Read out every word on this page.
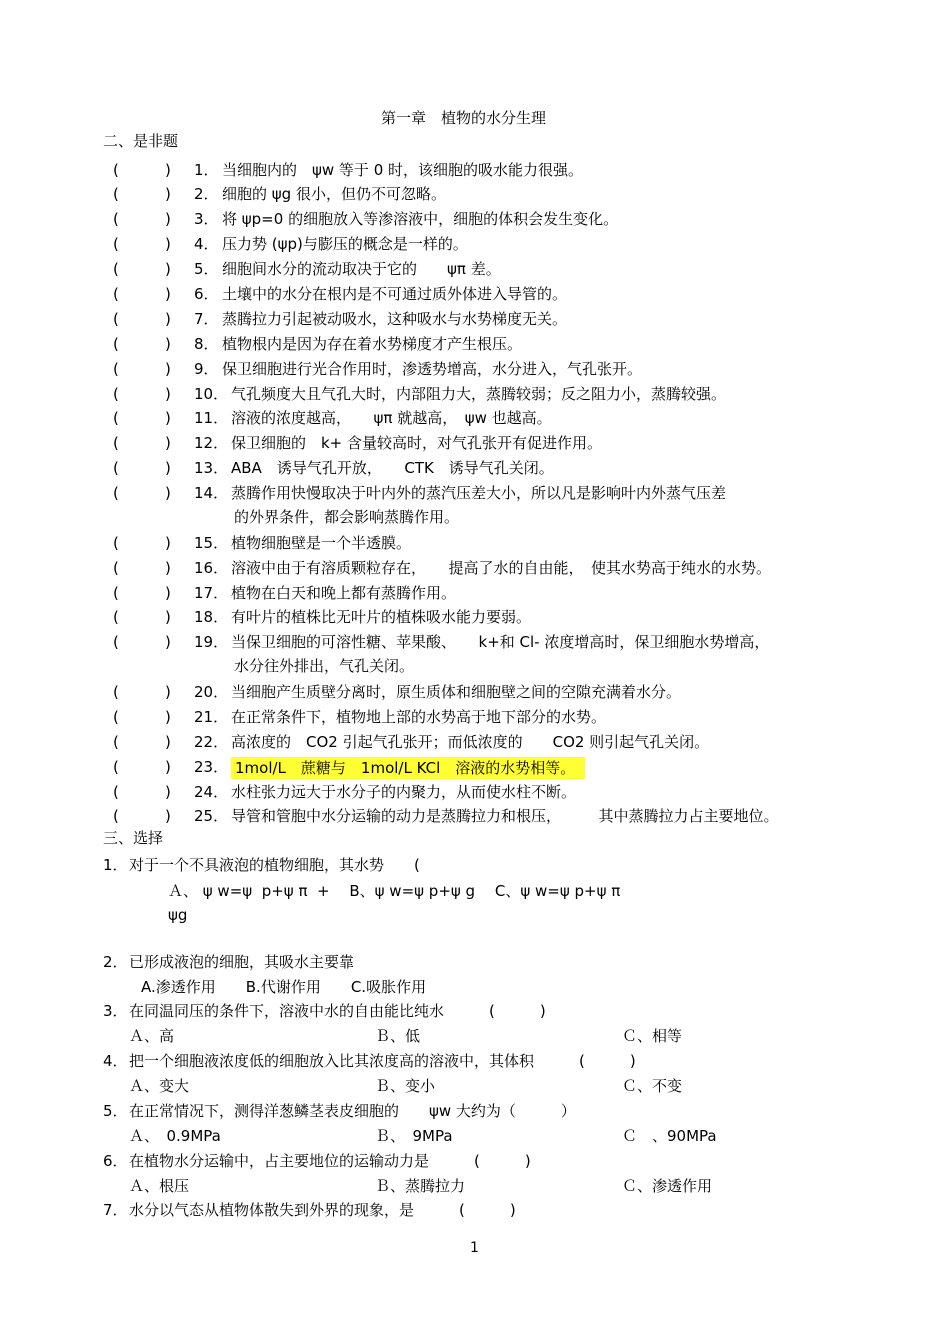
第一章　植物的水分生理
二、是非题
(	) 1． 当细胞内的　ψw 等于 0 时，该细胞的吸水能力很强。
(	) 2． 细胞的 ψg 很小，但仍不可忽略。
(	) 3． 将 ψp=0 的细胞放入等渗溶液中，细胞的体积会发生变化。
(	) 4． 压力势 (ψp)与膨压的概念是一样的。
(	) 5． 细胞间水分的流动取决于它的　　ψπ 差。
(	) 6． 土壤中的水分在根内是不可通过质外体进入导管的。
(	) 7． 蒸腾拉力引起被动吸水，这种吸水与水势梯度无关。
(	) 8． 植物根内是因为存在着水势梯度才产生根压。
(	) 9． 保卫细胞进行光合作用时，渗透势增高，水分进入，气孔张开。
(	) 10． 气孔频度大且气孔大时，内部阻力大，蒸腾较弱；反之阻力小，蒸腾较强。
(	) 11． 溶液的浓度越高，　　ψπ 就越高，　ψw 也越高。
(	) 12． 保卫细胞的　k+ 含量较高时，对气孔张开有促进作用。
(	) 13． ABA　诱导气孔开放，　　CTK　诱导气孔关闭。
(	) 14． 蒸腾作用快慢取决于叶内外的蒸汽压差大小，所以凡是影响叶内外蒸气压差
的外界条件，都会影响蒸腾作用。
(	) 15． 植物细胞壁是一个半透膜。
(	) 16． 溶液中由于有溶质颗粒存在，　　提高了水的自由能，　使其水势高于纯水的水势。
(	) 17． 植物在白天和晚上都有蒸腾作用。
(	) 18． 有叶片的植株比无叶片的植株吸水能力要弱。
(	) 19． 当保卫细胞的可溶性糖、苹果酸、　　k+和 Cl- 浓度增高时，保卫细胞水势增高，
水分往外排出，气孔关闭。
(	) 20． 当细胞产生质壁分离时，原生质体和细胞壁之间的空隙充满着水分。
(	) 21． 在正常条件下，植物地上部的水势高于地下部分的水势。
(	) 22． 高浓度的　CO2 引起气孔张开；而低浓度的　　CO2 则引起气孔关闭。
(	) 23． 1mol/L　蔗糖与　1mol/L KCl　溶液的水势相等。
(	) 24． 水柱张力远大于水分子的内聚力，从而使水柱不断。
(	) 25． 导管和管胞中水分运输的动力是蒸腾拉力和根压，　　　其中蒸腾拉力占主要地位。
三、选择
1． 对于一个不具液泡的植物细胞，其水势　　(
Ａ、 ψ w=ψ  p+ψ π  +　 B、ψ w=ψ p+ψ g　 C、ψ w=ψ p+ψ π
ψg
2． 已形成液泡的细胞，其吸水主要靠
A.渗透作用　　B.代谢作用　　C.吸胀作用
3． 在同温同压的条件下，溶液中水的自由能比纯水　　　(　　　)
Ａ、高	Ｂ、低	Ｃ、相等
4． 把一个细胞液浓度低的细胞放入比其浓度高的溶液中，其体积　　　(　　　)
Ａ、变大	Ｂ、变小	Ｃ、不变
5． 在正常情况下，测得洋葱鳞茎表皮细胞的　　ψw 大约为（　　　）
Ａ、　0.9MPa	Ｂ、　9MPa	Ｃ　、90MPa
6． 在植物水分运输中，占主要地位的运输动力是　　　(　　　)
Ａ、根压	Ｂ、蒸腾拉力	Ｃ、渗透作用
7． 水分以气态从植物体散失到外界的现象，是　　　(　　　)
1
